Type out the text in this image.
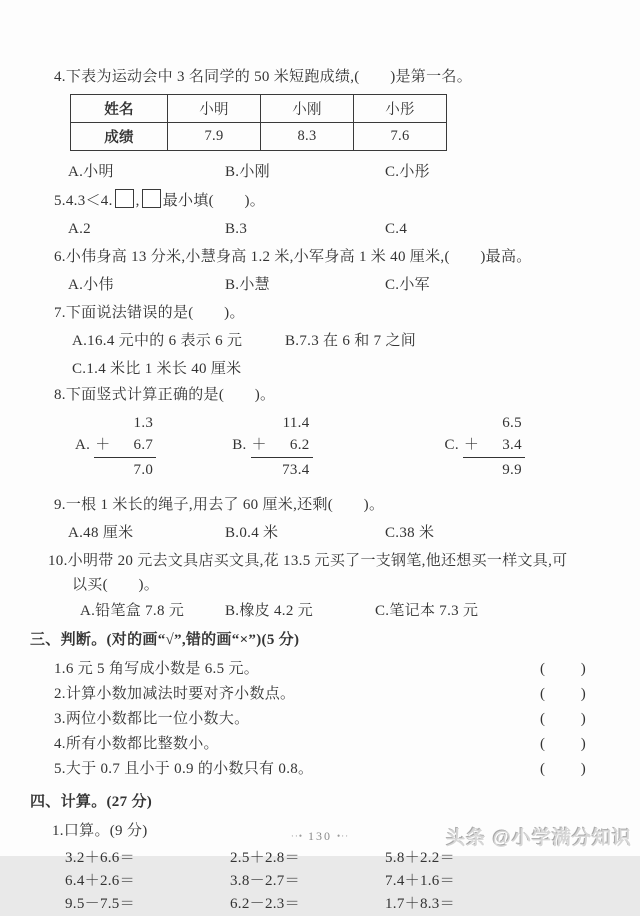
4.下表为运动会中 3 名同学的 50 米短跑成绩,(　　)是第一名。
姓名	小明	小刚	小彤
成绩	7.9	8.3	7.6
A.小明	B.小刚	C.小彤
5.4.3＜4. , 最小填(　　)。
A.2	B.3	C.4
6.小伟身高 13 分米,小慧身高 1.2 米,小军身高 1 米 40 厘米,(　　)最高。
A.小伟	B.小慧	C.小军
7.下面说法错误的是(　　)。
A.16.4 元中的 6 表示 6 元	B.7.3 在 6 和 7 之间
C.1.4 米比 1 米长 40 厘米
8.下面竖式计算正确的是(　　)。
A.
1.3
＋ 6.7
7.0
B.
11.4
＋ 6.2
73.4
C.
6.5
＋ 3.4
9.9
9.一根 1 米长的绳子,用去了 60 厘米,还剩(　　)。
A.48 厘米	B.0.4 米	C.38 米
10.小明带 20 元去文具店买文具,花 13.5 元买了一支钢笔,他还想买一样文具,可
以买(　　)。
A.铅笔盒 7.8 元	B.橡皮 4.2 元	C.笔记本 7.3 元
三、判断。(对的画“√”,错的画“×”)(5 分)
1.6 元 5 角写成小数是 6.5 元。	( )
2.计算小数加减法时要对齐小数点。	( )
3.两位小数都比一位小数大。	( )
4.所有小数都比整数小。	( )
5.大于 0.7 且小于 0.9 的小数只有 0.8。	( )
四、计算。(27 分)
1.口算。(9 分)
3.2＋6.6＝	2.5＋2.8＝	5.8＋2.2＝
6.4＋2.6＝	3.8－2.7＝	7.4＋1.6＝
9.5－7.5＝	6.2－2.3＝	1.7＋8.3＝
··• 130 •··	头条 @小学满分知识
